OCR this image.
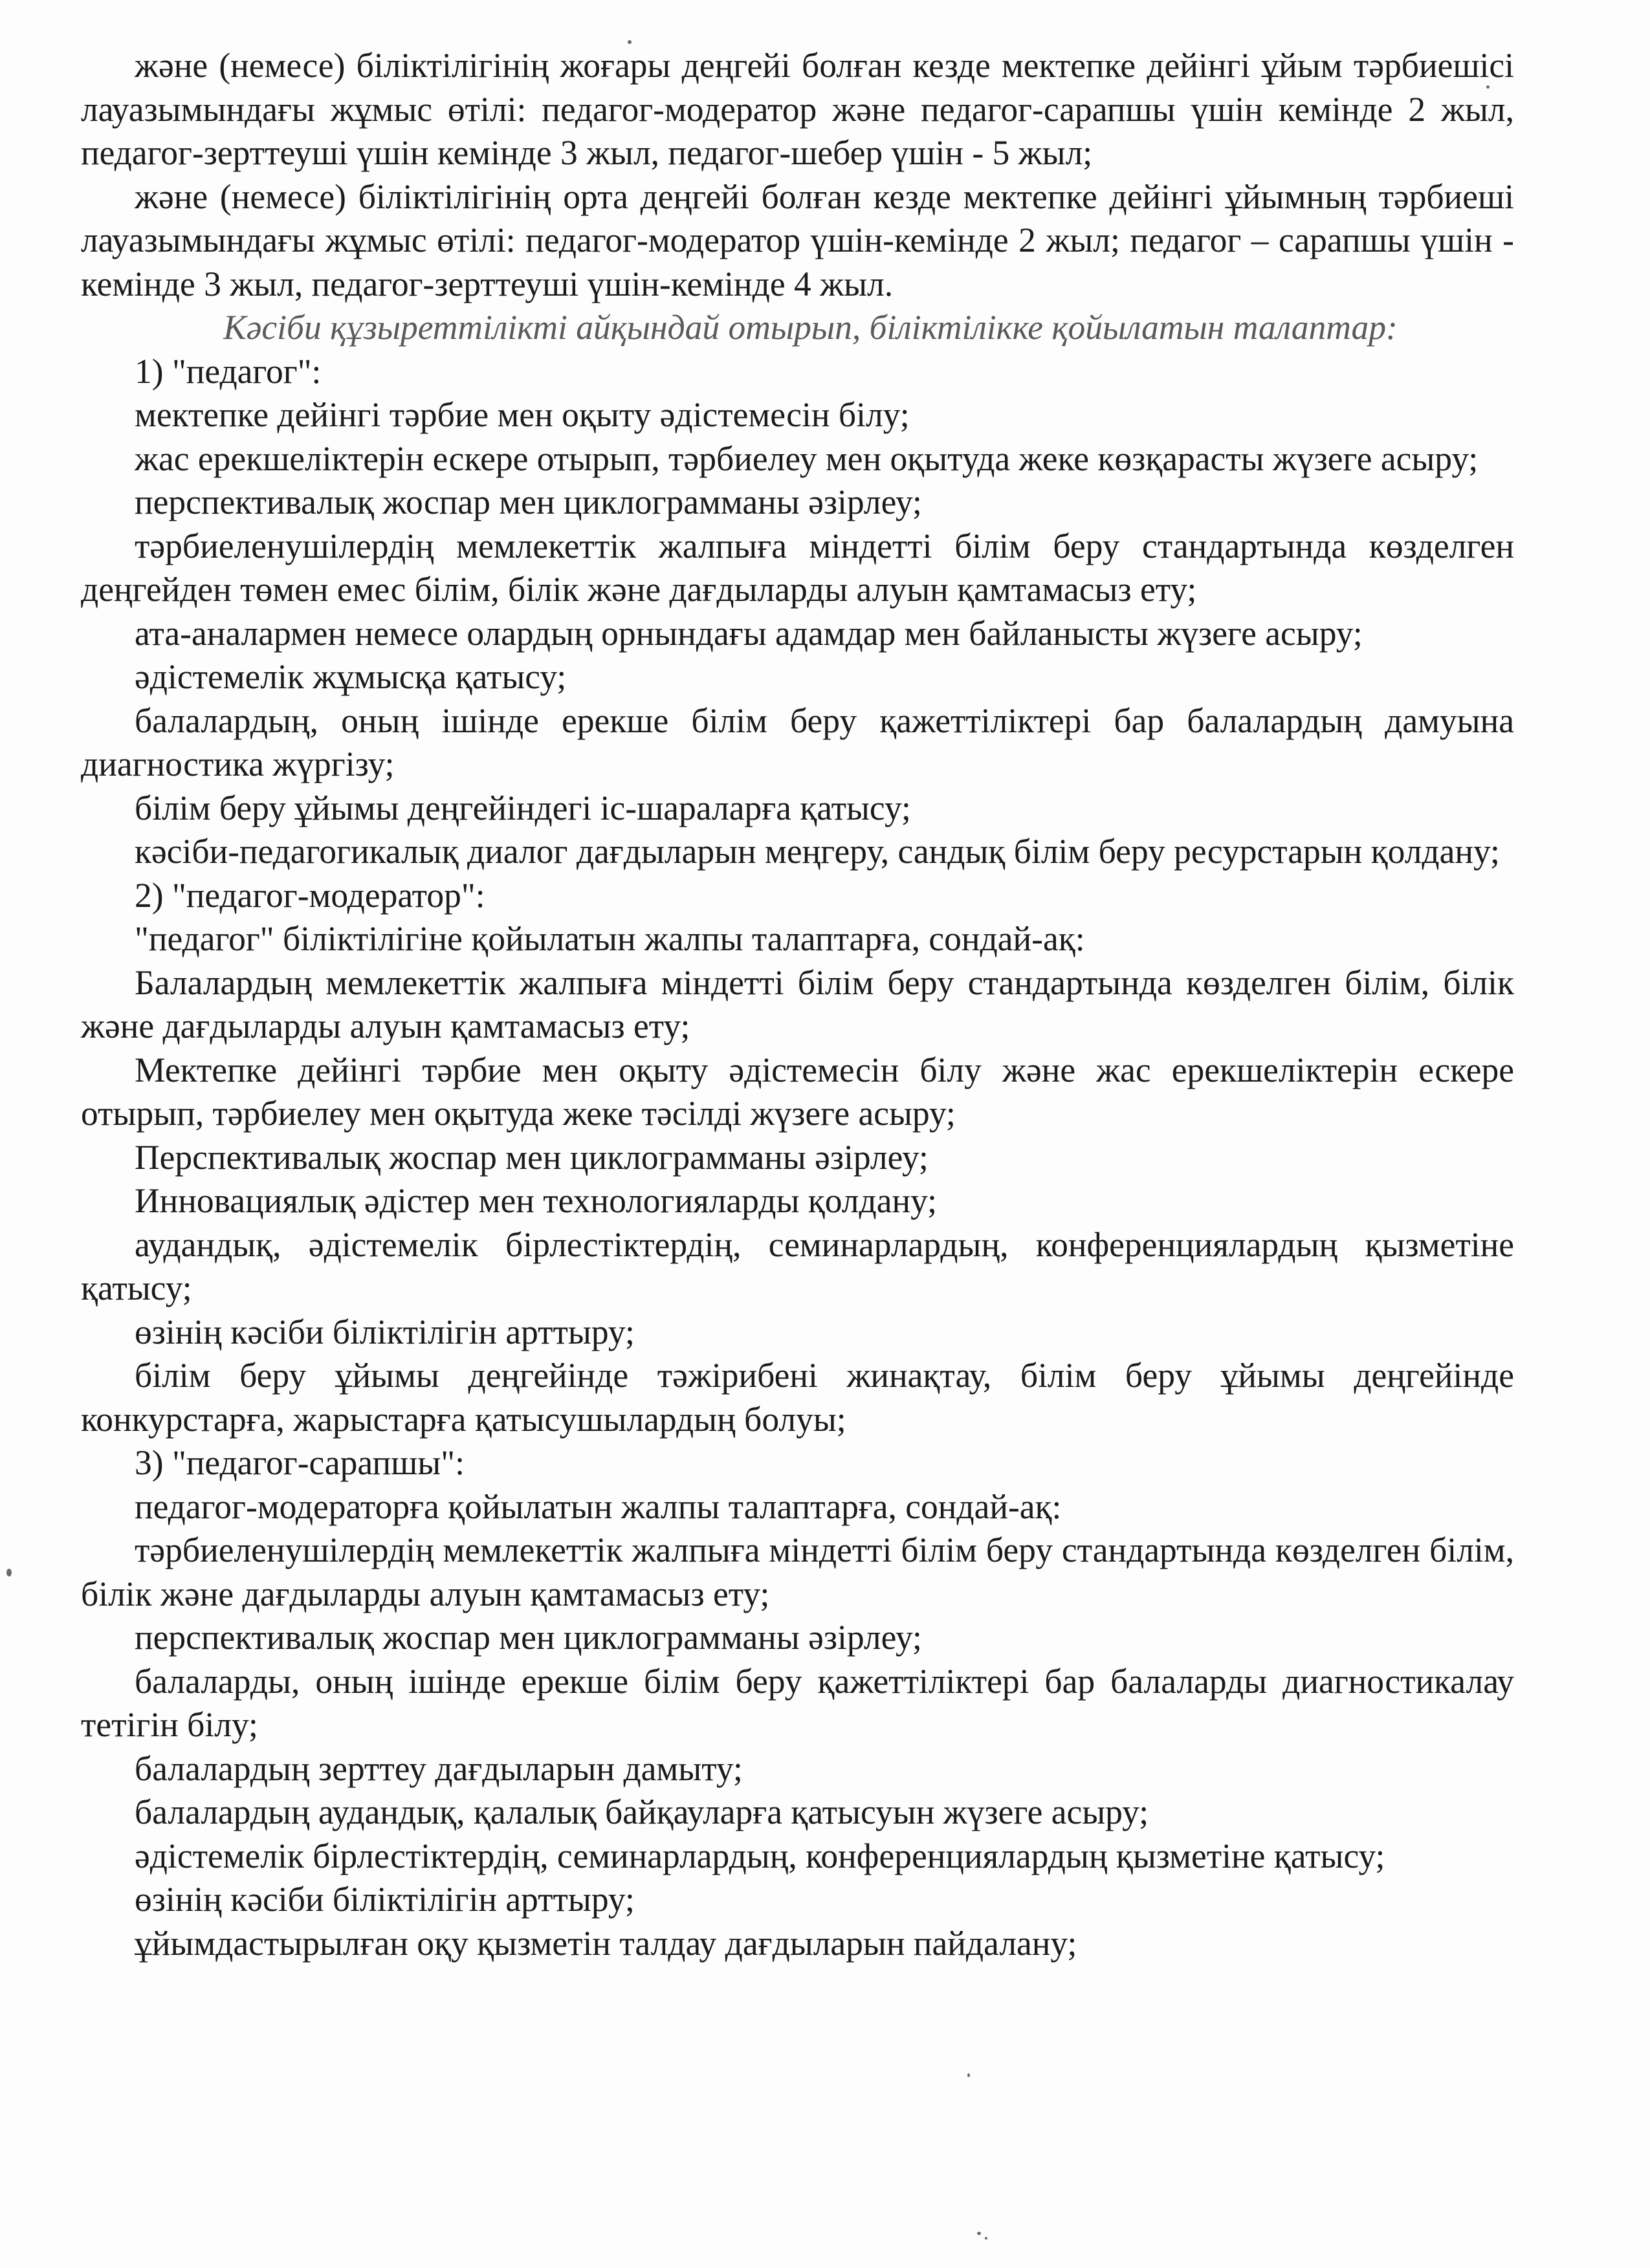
және (немесе) біліктілігінің жоғары деңгейі болған кезде мектепке дейінгі ұйым тәрбиешісі лауазымындағы жұмыс өтілі: педагог-модератор және педагог-сарапшы үшін кемінде 2 жыл, педагог-зерттеуші үшін кемінде 3 жыл, педагог-шебер үшін - 5 жыл;

және (немесе) біліктілігінің орта деңгейі болған кезде мектепке дейінгі ұйымның тәрбиеші лауазымындағы жұмыс өтілі: педагог-модератор үшін-кемінде 2 жыл; педагог – сарапшы үшін - кемінде 3 жыл, педагог-зерттеуші үшін-кемінде 4 жыл.

Кәсіби құзыреттілікті айқындай отырып, біліктілікке қойылатын талаптар:

1) "педагог":

мектепке дейінгі тәрбие мен оқыту әдістемесін білу;

жас ерекшеліктерін ескере отырып, тәрбиелеу мен оқытуда жеке көзқарасты жүзеге асыру;

перспективалық жоспар мен циклограмманы әзірлеу;

тәрбиеленушілердің мемлекеттік жалпыға міндетті білім беру стандартында көзделген деңгейден төмен емес білім, білік және дағдыларды алуын қамтамасыз ету;

ата-аналармен немесе олардың орнындағы адамдар мен байланысты жүзеге асыру;

әдістемелік жұмысқа қатысу;

балалардың, оның ішінде ерекше білім беру қажеттіліктері бар балалардың дамуына диагностика жүргізу;

білім беру ұйымы деңгейіндегі іс-шараларға қатысу;

кәсіби-педагогикалық диалог дағдыларын меңгеру, сандық білім беру ресурстарын қолдану;

2) "педагог-модератор":

"педагог" біліктілігіне қойылатын жалпы талаптарға, сондай-ақ:

Балалардың мемлекеттік жалпыға міндетті білім беру стандартында көзделген білім, білік және дағдыларды алуын қамтамасыз ету;

Мектепке дейінгі тәрбие мен оқыту әдістемесін білу және жас ерекшеліктерін ескере отырып, тәрбиелеу мен оқытуда жеке тәсілді жүзеге асыру;

Перспективалық жоспар мен циклограмманы әзірлеу;

Инновациялық әдістер мен технологияларды қолдану;

аудандық, әдістемелік бірлестіктердің, семинарлардың, конференциялардың қызметіне қатысу;

өзінің кәсіби біліктілігін арттыру;

білім беру ұйымы деңгейінде тәжірибені жинақтау, білім беру ұйымы деңгейінде конкурстарға, жарыстарға қатысушылардың болуы;

3) "педагог-сарапшы":

педагог-модераторға қойылатын жалпы талаптарға, сондай-ақ:

тәрбиеленушілердің мемлекеттік жалпыға міндетті білім беру стандартында көзделген білім, білік және дағдыларды алуын қамтамасыз ету;

перспективалық жоспар мен циклограмманы әзірлеу;

балаларды, оның ішінде ерекше білім беру қажеттіліктері бар балаларды диагностикалау тетігін білу;

балалардың зерттеу дағдыларын дамыту;

балалардың аудандық, қалалық байқауларға қатысуын жүзеге асыру;

әдістемелік бірлестіктердің, семинарлардың, конференциялардың қызметіне қатысу;

өзінің кәсіби біліктілігін арттыру;

ұйымдастырылған оқу қызметін талдау дағдыларын пайдалану;
